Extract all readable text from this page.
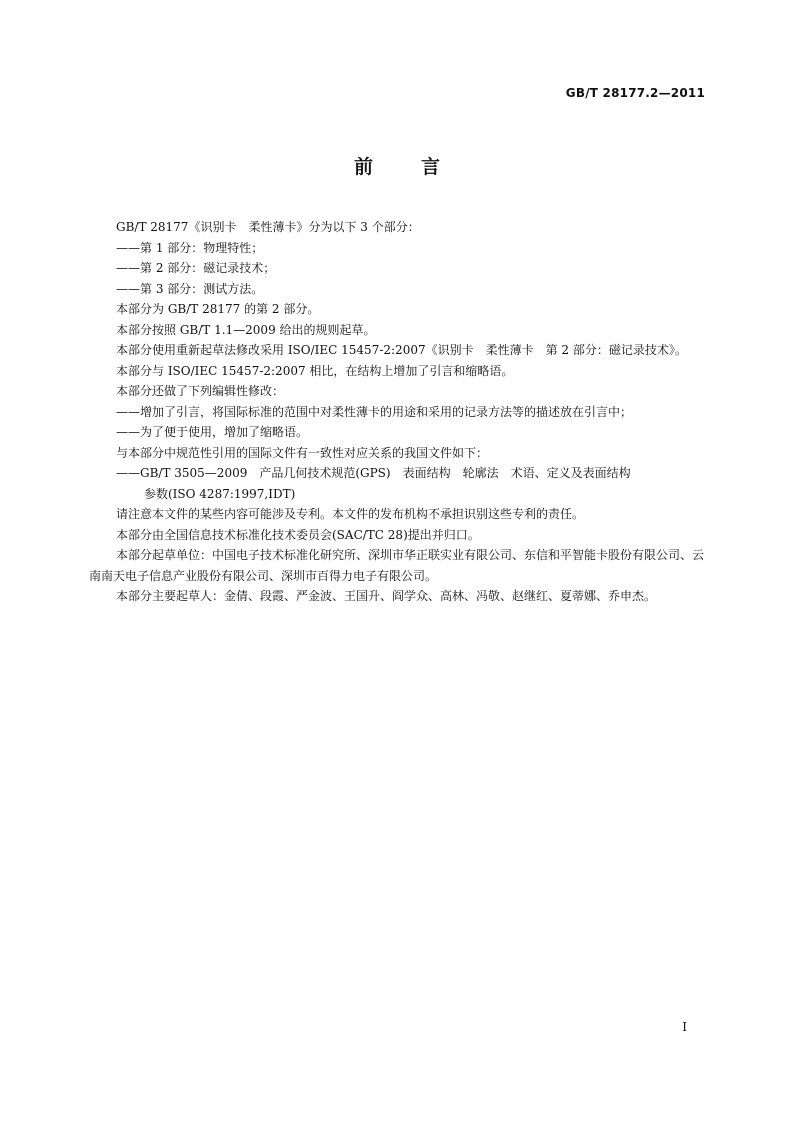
GB/T 28177.2—2011
前言

GB/T 28177《识别卡　柔性薄卡》分为以下 3 个部分：

——第 1 部分：物理特性；

——第 2 部分：磁记录技术；

——第 3 部分：测试方法。

本部分为 GB/T 28177 的第 2 部分。

本部分按照 GB/T 1.1—2009 给出的规则起草。

本部分使用重新起草法修改采用 ISO/IEC 15457-2:2007《识别卡　柔性薄卡　第 2 部分：磁记录技术》。

本部分与 ISO/IEC 15457-2:2007 相比，在结构上增加了引言和缩略语。

本部分还做了下列编辑性修改：

——增加了引言，将国际标准的范围中对柔性薄卡的用途和采用的记录方法等的描述放在引言中；

——为了便于使用，增加了缩略语。

与本部分中规范性引用的国际文件有一致性对应关系的我国文件如下：

——GB/T 3505—2009　产品几何技术规范(GPS)　表面结构　轮廓法　术语、定义及表面结构

参数(ISO 4287:1997,IDT)

请注意本文件的某些内容可能涉及专利。本文件的发布机构不承担识别这些专利的责任。

本部分由全国信息技术标准化技术委员会(SAC/TC 28)提出并归口。

本部分起草单位：中国电子技术标准化研究所、深圳市华正联实业有限公司、东信和平智能卡股份有限公司、云南南天电子信息产业股份有限公司、深圳市百得力电子有限公司。

本部分主要起草人：金倩、段霞、严金波、王国升、阎学众、高林、冯敬、赵继红、夏蒂娜、乔申杰。

I
